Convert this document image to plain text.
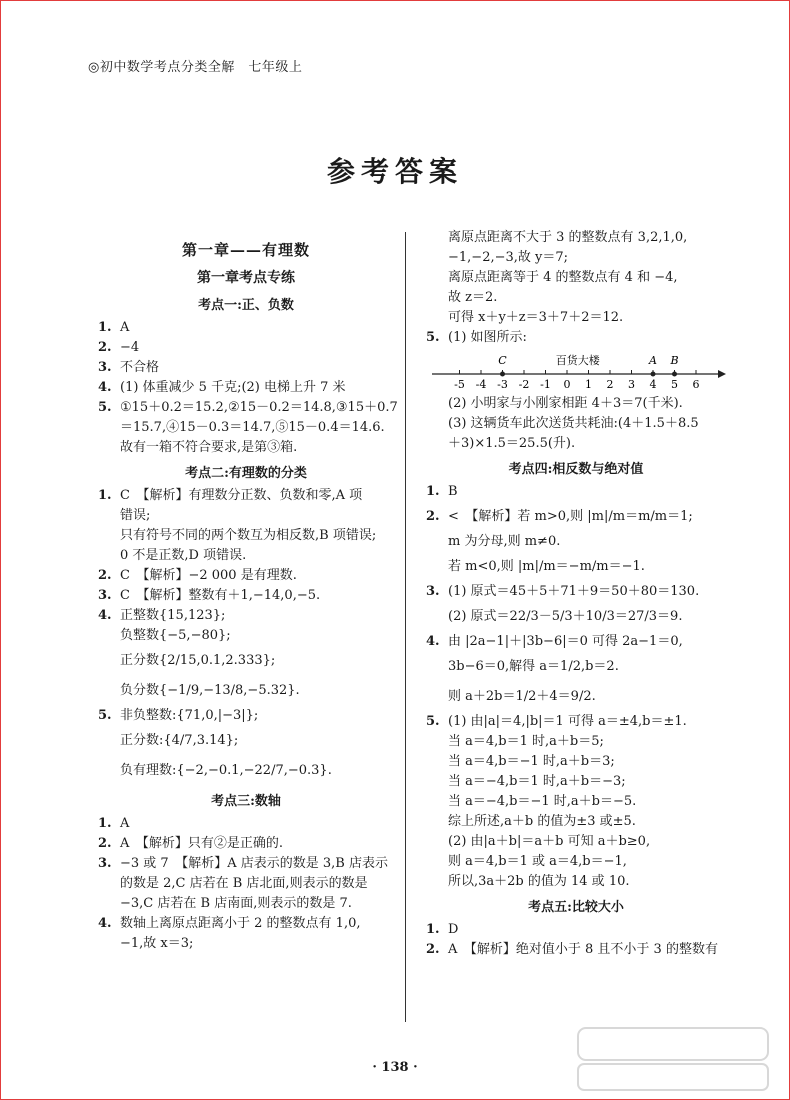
◎初中数学考点分类全解　七年级上
参考答案
第一章——有理数
第一章考点专练
考点一:正、负数
1. A
2. −4
3. 不合格
4. (1) 体重减少 5 千克;(2) 电梯上升 7 米
5. ①15＋0.2＝15.2,②15－0.2＝14.8,③15＋0.7
＝15.7,④15－0.3＝14.7,⑤15－0.4＝14.6.
故有一箱不符合要求,是第③箱.
考点二:有理数的分类
1. C　【解析】有理数分正数、负数和零,A 项
错误;
只有符号不同的两个数互为相反数,B 项错误;
0 不是正数,D 项错误.
2. C　【解析】−2 000 是有理数.
3. C　【解析】整数有＋1,−14,0,−5.
4. 正整数{15,123};
负整数{−5,−80};
正分数{2/15,0.1,2.333};
负分数{−1/9,−13/8,−5.32}.
5. 非负整数:{71,0,|−3|};
正分数:{4/7,3.14};
负有理数:{−2,−0.1,−22/7,−0.3}.
考点三:数轴
1. A
2. A　【解析】只有②是正确的.
3. −3 或 7　【解析】A 店表示的数是 3,B 店表示
的数是 2,C 店若在 B 店北面,则表示的数是
−3,C 店若在 B 店南面,则表示的数是 7.
4. 数轴上离原点距离小于 2 的整数点有 1,0,
−1,故 x＝3;
离原点距离不大于 3 的整数点有 3,2,1,0,
−1,−2,−3,故 y＝7;
离原点距离等于 4 的整数点有 4 和 −4,
故 z＝2.
可得 x＋y＋z＝3＋7＋2＝12.
5. (1) 如图所示:
-5 -4 -3 -2 -1 0 1 2 3 4 5 6
百货大楼
C	A B
(2) 小明家与小刚家相距 4＋3＝7(千米).
(3) 这辆货车此次送货共耗油:(4＋1.5＋8.5
＋3)×1.5＝25.5(升).
考点四:相反数与绝对值
1. B
2. <　【解析】若 m>0,则 |m|/m＝m/m＝1;
m 为分母,则 m≠0.
若 m<0,则 |m|/m＝−m/m＝−1.
3. (1) 原式＝45＋5＋71＋9＝50＋80＝130.
(2) 原式＝22/3－5/3＋10/3＝27/3＝9.
4. 由 |2a−1|＋|3b−6|＝0 可得 2a−1＝0,
3b−6＝0,解得 a＝1/2,b＝2.
则 a＋2b＝1/2＋4＝9/2.
5. (1) 由|a|＝4,|b|＝1 可得 a＝±4,b＝±1.
当 a＝4,b＝1 时,a＋b＝5;
当 a＝4,b＝−1 时,a＋b＝3;
当 a＝−4,b＝1 时,a＋b＝−3;
当 a＝−4,b＝−1 时,a＋b＝−5.
综上所述,a＋b 的值为±3 或±5.
(2) 由|a＋b|＝a＋b 可知 a＋b≥0,
则 a＝4,b＝1 或 a＝4,b＝−1,
所以,3a＋2b 的值为 14 或 10.
考点五:比较大小
1. D
2. A　【解析】绝对值小于 8 且不小于 3 的整数有
· 138 ·
